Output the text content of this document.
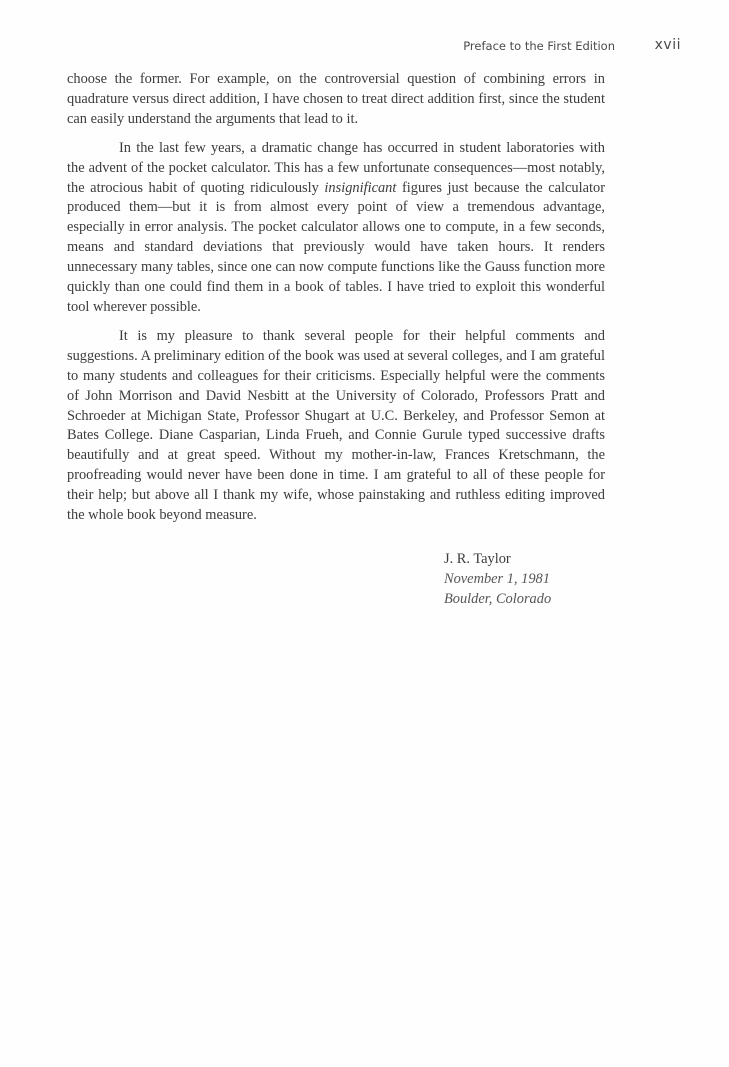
Preface to the First Edition	xvii

choose the former. For example, on the controversial question of combining errors in quadrature versus direct addition, I have chosen to treat direct addition first, since the student can easily understand the arguments that lead to it.

In the last few years, a dramatic change has occurred in student laboratories with the advent of the pocket calculator. This has a few unfortunate consequences—most notably, the atrocious habit of quoting ridiculously insignificant figures just because the calculator produced them—but it is from almost every point of view a tremendous advantage, especially in error analysis. The pocket calculator allows one to compute, in a few seconds, means and standard deviations that previously would have taken hours. It renders unnecessary many tables, since one can now compute functions like the Gauss function more quickly than one could find them in a book of tables. I have tried to exploit this wonderful tool wherever possible.

It is my pleasure to thank several people for their helpful comments and suggestions. A preliminary edition of the book was used at several colleges, and I am grateful to many students and colleagues for their criticisms. Especially helpful were the comments of John Morrison and David Nesbitt at the University of Colorado, Professors Pratt and Schroeder at Michigan State, Professor Shugart at U.C. Berkeley, and Professor Semon at Bates College. Diane Casparian, Linda Frueh, and Connie Gurule typed successive drafts beautifully and at great speed. Without my mother-in-law, Frances Kretschmann, the proofreading would never have been done in time. I am grateful to all of these people for their help; but above all I thank my wife, whose painstaking and ruthless editing improved the whole book beyond measure.

J. R. Taylor
November 1, 1981
Boulder, Colorado
